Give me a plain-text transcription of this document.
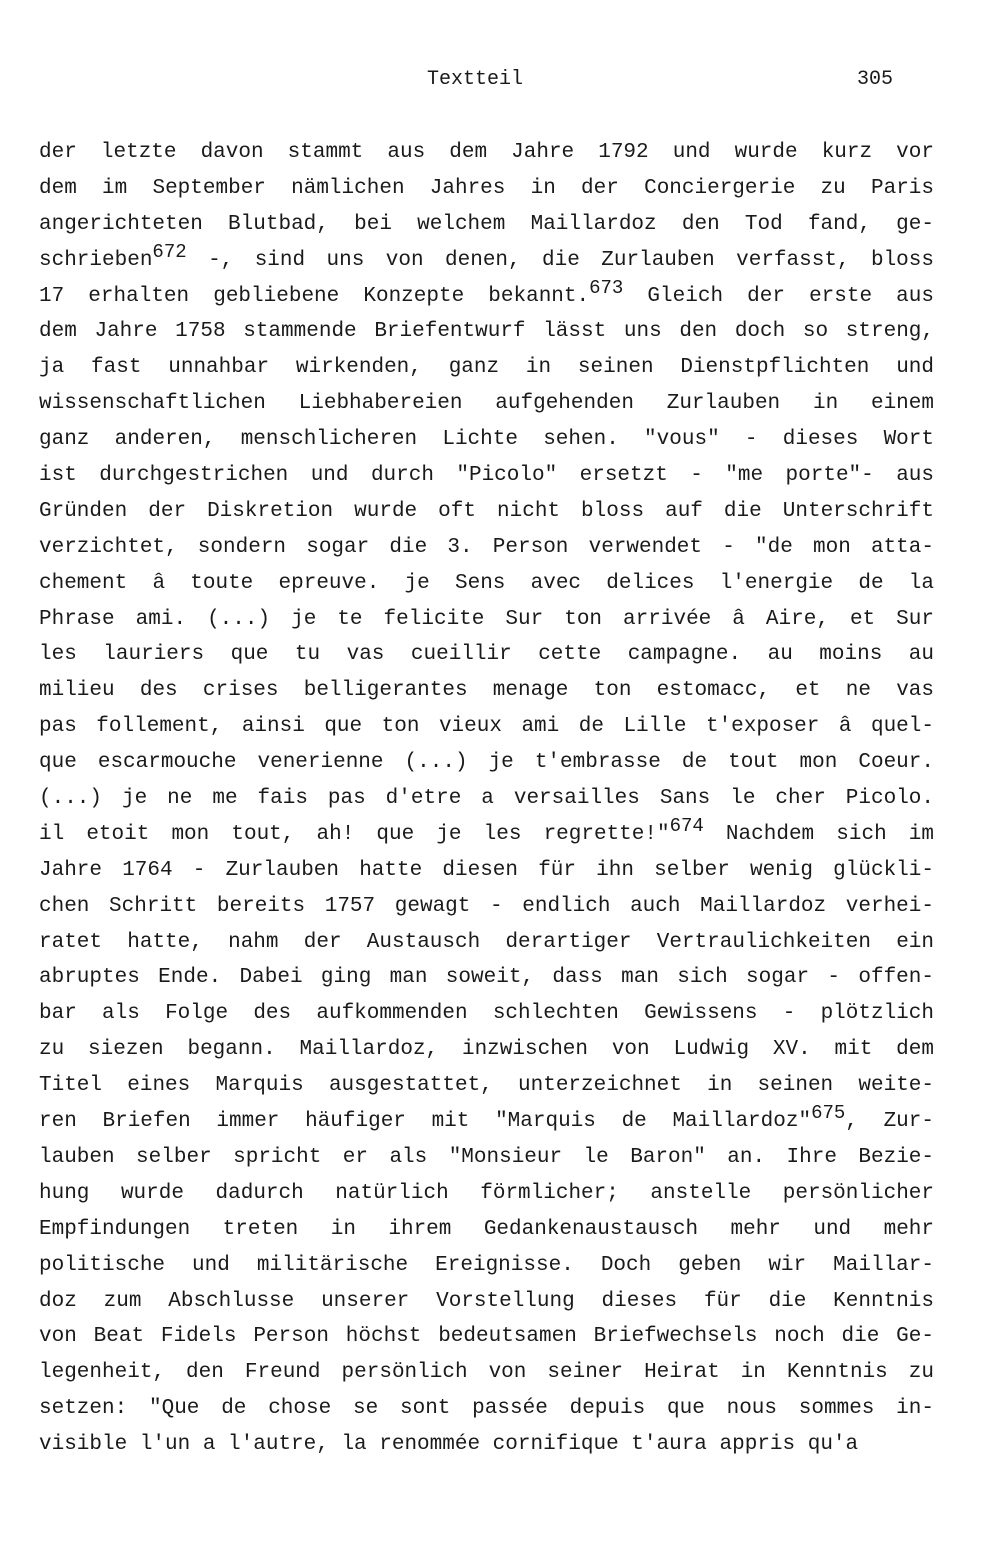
Textteil	305
der letzte davon stammt aus dem Jahre 1792 und wurde kurz vor
dem im September nämlichen Jahres in der Conciergerie zu Paris
angerichteten Blutbad, bei welchem Maillardoz den Tod fand, ge-
schrieben$^{672}$ -, sind uns von denen, die Zurlauben verfasst, bloss
17 erhalten gebliebene Konzepte bekannt.$^{673}$ Gleich der erste aus
dem Jahre 1758 stammende Briefentwurf lässt uns den doch so streng,
ja fast unnahbar wirkenden, ganz in seinen Dienstpflichten und
wissenschaftlichen Liebhabereien aufgehenden Zurlauben in einem
ganz anderen, menschlicheren Lichte sehen. "vous" - dieses Wort
ist durchgestrichen und durch "Picolo" ersetzt - "me porte"- aus
Gründen der Diskretion wurde oft nicht bloss auf die Unterschrift
verzichtet, sondern sogar die 3. Person verwendet - "de mon atta-
chement â toute epreuve. je Sens avec delices l'energie de la
Phrase ami. (...) je te felicite Sur ton arrivée â Aire, et Sur
les lauriers que tu vas cueillir cette campagne. au moins au
milieu des crises belligerantes menage ton estomacc, et ne vas
pas follement, ainsi que ton vieux ami de Lille t'exposer â quel-
que escarmouche venerienne (...) je t'embrasse de tout mon Coeur.
(...) je ne me fais pas d'etre a versailles Sans le cher Picolo.
il etoit mon tout, ah! que je les regrette!"$^{674}$ Nachdem sich im
Jahre 1764 - Zurlauben hatte diesen für ihn selber wenig glückli-
chen Schritt bereits 1757 gewagt - endlich auch Maillardoz verhei-
ratet hatte, nahm der Austausch derartiger Vertraulichkeiten ein
abruptes Ende. Dabei ging man soweit, dass man sich sogar - offen-
bar als Folge des aufkommenden schlechten Gewissens - plötzlich
zu siezen begann. Maillardoz, inzwischen von Ludwig XV. mit dem
Titel eines Marquis ausgestattet, unterzeichnet in seinen weite-
ren Briefen immer häufiger mit "Marquis de Maillardoz"$^{675}$, Zur-
lauben selber spricht er als "Monsieur le Baron" an. Ihre Bezie-
hung wurde dadurch natürlich förmlicher; anstelle persönlicher
Empfindungen treten in ihrem Gedankenaustausch mehr und mehr
politische und militärische Ereignisse. Doch geben wir Maillar-
doz zum Abschlusse unserer Vorstellung dieses für die Kenntnis
von Beat Fidels Person höchst bedeutsamen Briefwechsels noch die Ge-
legenheit, den Freund persönlich von seiner Heirat in Kenntnis zu
setzen: "Que de chose se sont passée depuis que nous sommes in-
visible l'un a l'autre, la renommée cornifique t'aura appris qu'a
